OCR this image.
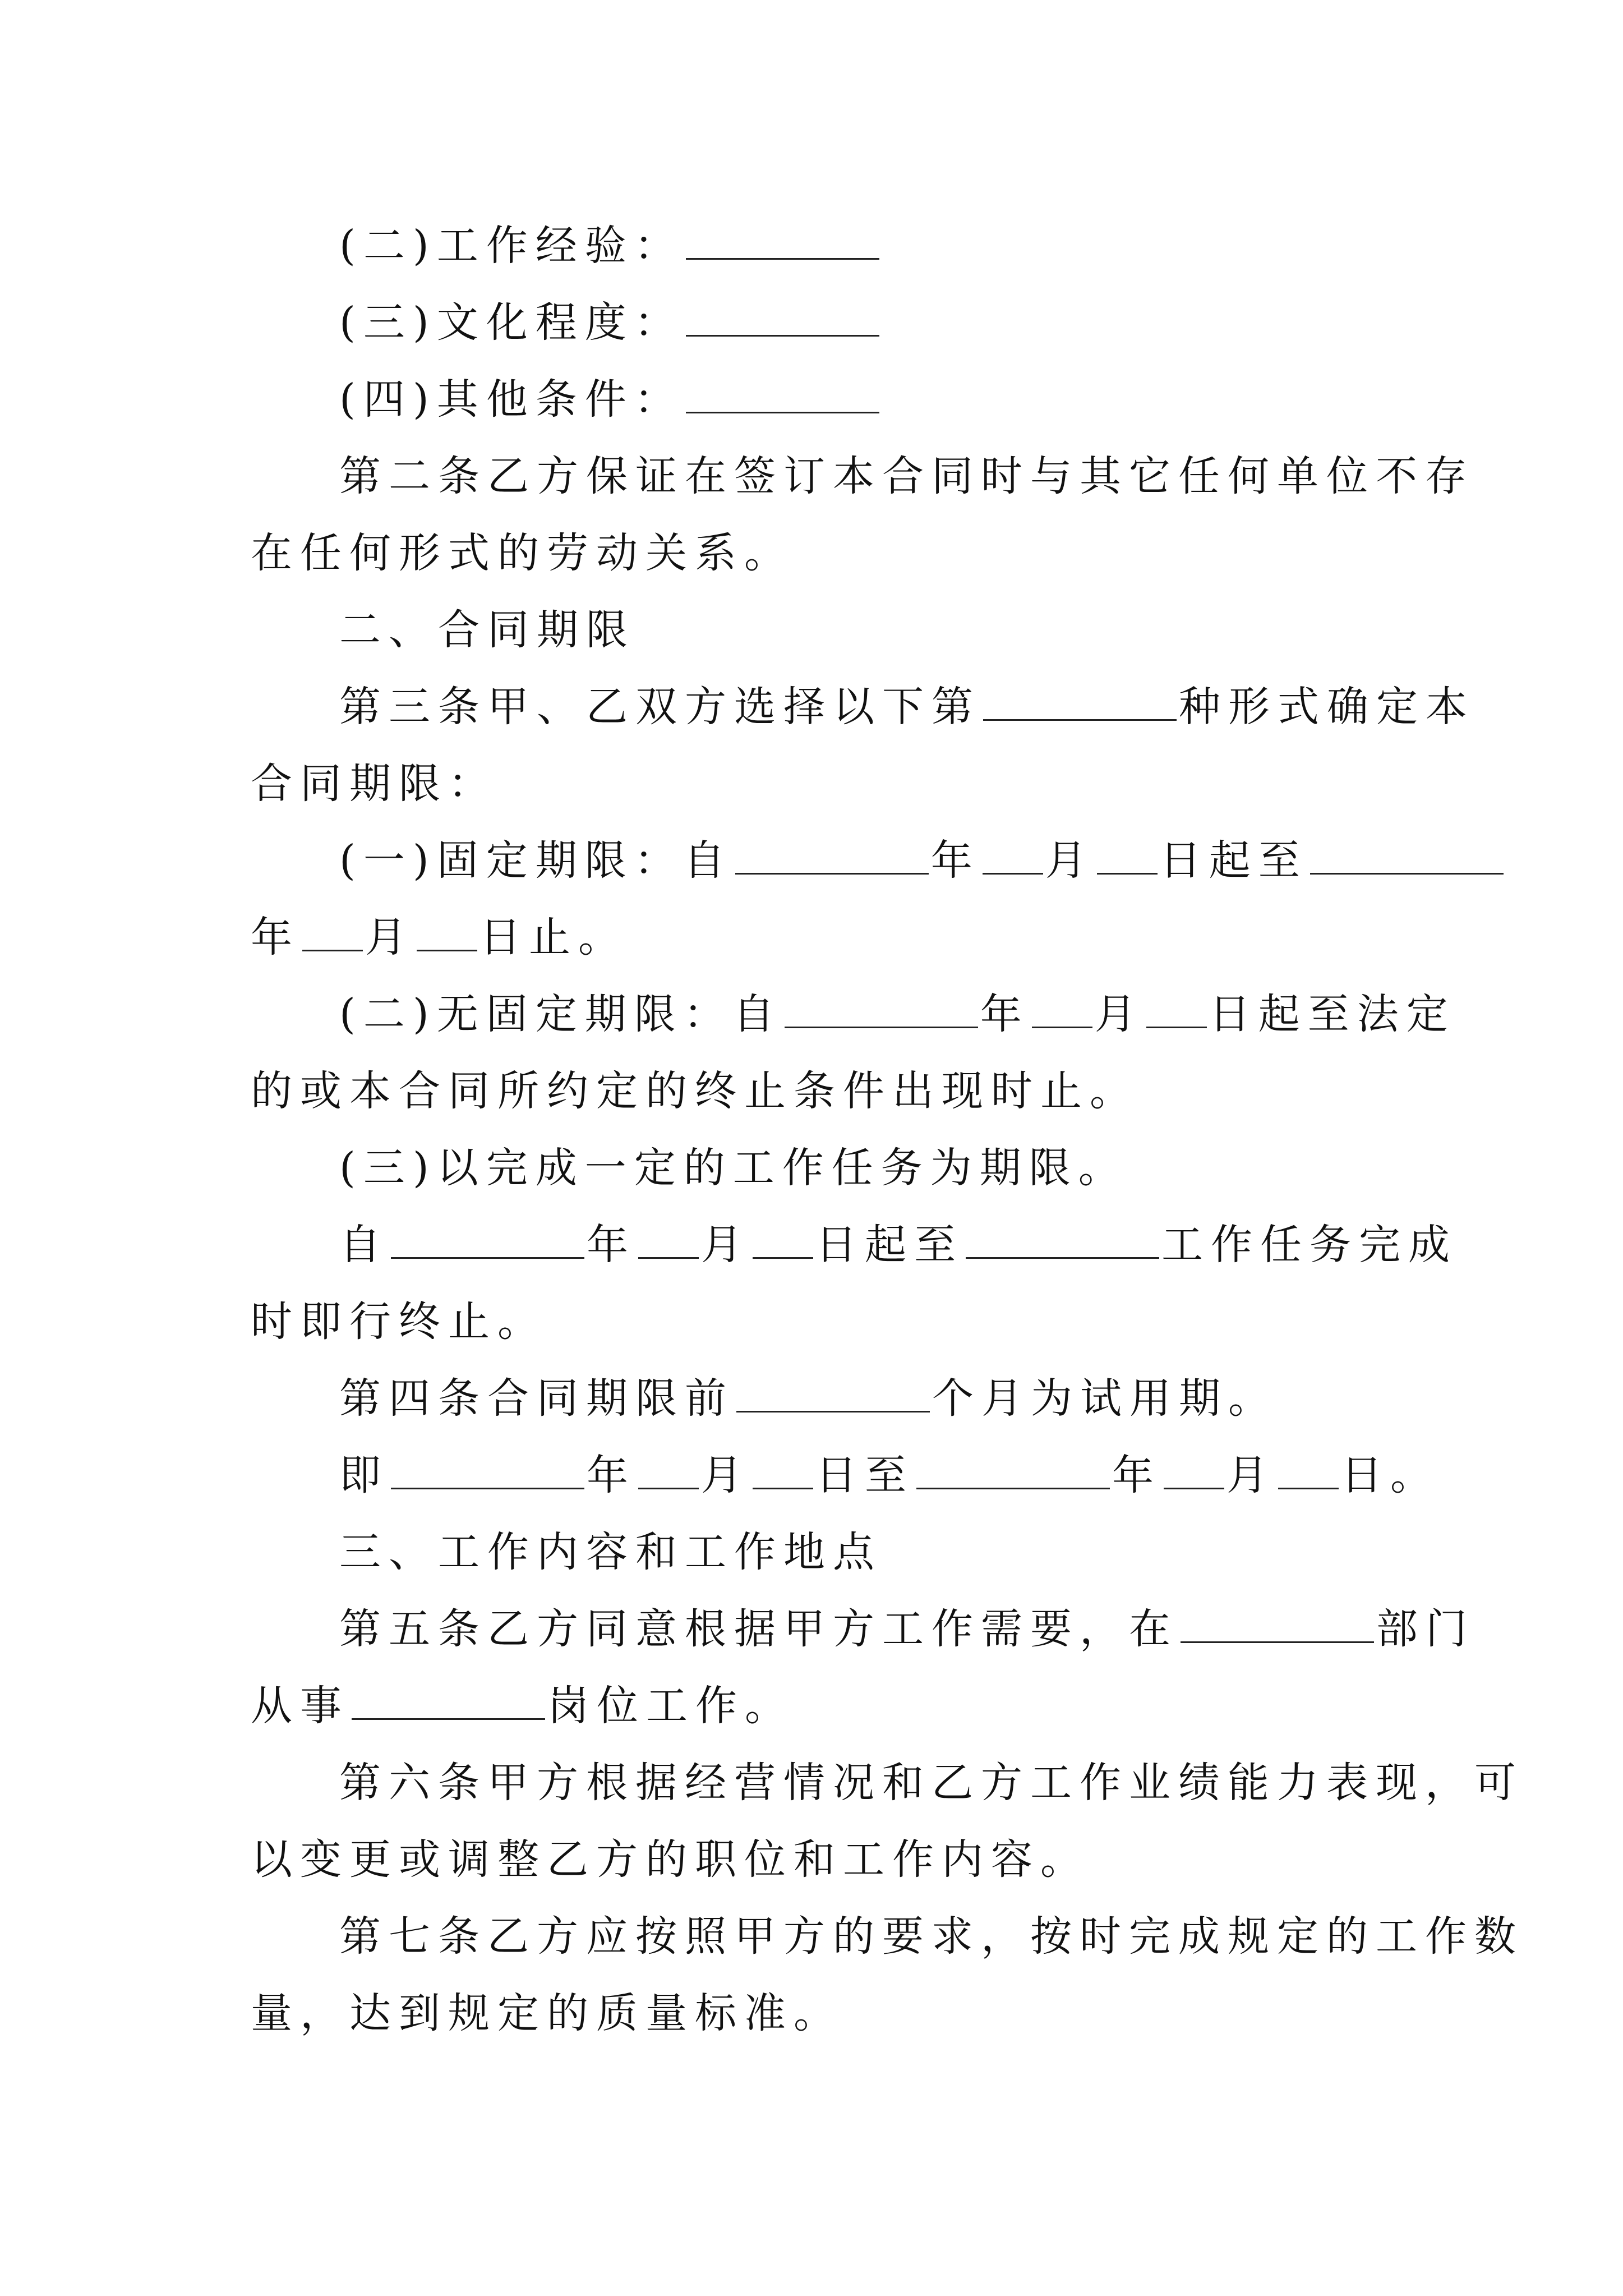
(二)工作经验：
(三)文化程度：
(四)其他条件：
第二条乙方保证在签订本合同时与其它任何单位不存
在任何形式的劳动关系。
二、合同期限
第三条甲、乙双方选择以下第	种形式确定本
合同期限：
(一)固定期限：自	年 月 日起至
年 月 日止。
(二)无固定期限：自	年 月 日起至法定
的或本合同所约定的终止条件出现时止。
(三)以完成一定的工作任务为期限。
自	年 月 日起至	工作任务完成
时即行终止。
第四条合同期限前	个月为试用期。
即	年 月 日至	年 月 日。
三、工作内容和工作地点
第五条乙方同意根据甲方工作需要，在	部门
从事	岗位工作。
第六条甲方根据经营情况和乙方工作业绩能力表现，可
以变更或调整乙方的职位和工作内容。
第七条乙方应按照甲方的要求，按时完成规定的工作数
量，达到规定的质量标准。
